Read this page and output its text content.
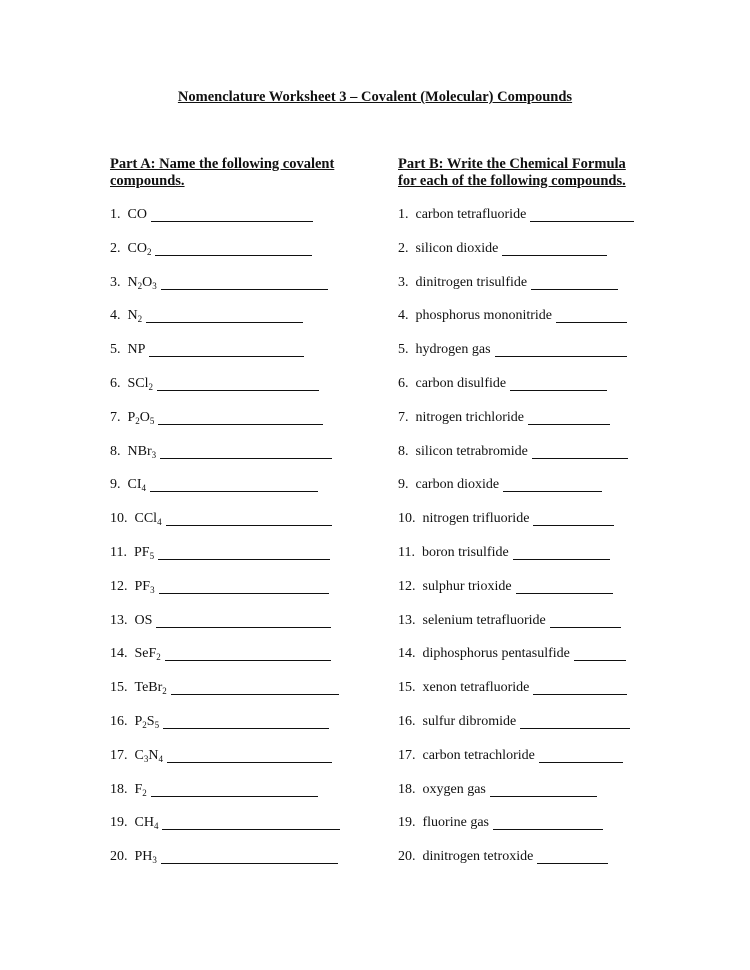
Nomenclature Worksheet 3 – Covalent (Molecular) Compounds

Part A: Name the following covalent
compounds.

1. CO
2. $CO_2$
3. $N_2O_3$
4. $N_2$
5. NP
6. SCl$_2$
7. $P_2O_5$
8. NBr$_3$
9. $CI_4$
10. CCl$_4$
11. $PF_5$
12. $PF_3$
13. OS
14. SeF$_2$
15. TeBr$_2$
16. $P_2S_5$
17. $C_3N_4$
18. $F_2$
19. $CH_4$
20. $PH_3$

Part B: Write the Chemical Formula
for each of the following compounds.

1. carbon tetrafluoride
2. silicon dioxide
3. dinitrogen trisulfide
4. phosphorus mononitride
5. hydrogen gas
6. carbon disulfide
7. nitrogen trichloride
8. silicon tetrabromide
9. carbon dioxide
10. nitrogen trifluoride
11. boron trisulfide
12. sulphur trioxide
13. selenium tetrafluoride
14. diphosphorus pentasulfide
15. xenon tetrafluoride
16. sulfur dibromide
17. carbon tetrachloride
18. oxygen gas
19. fluorine gas
20. dinitrogen tetroxide
